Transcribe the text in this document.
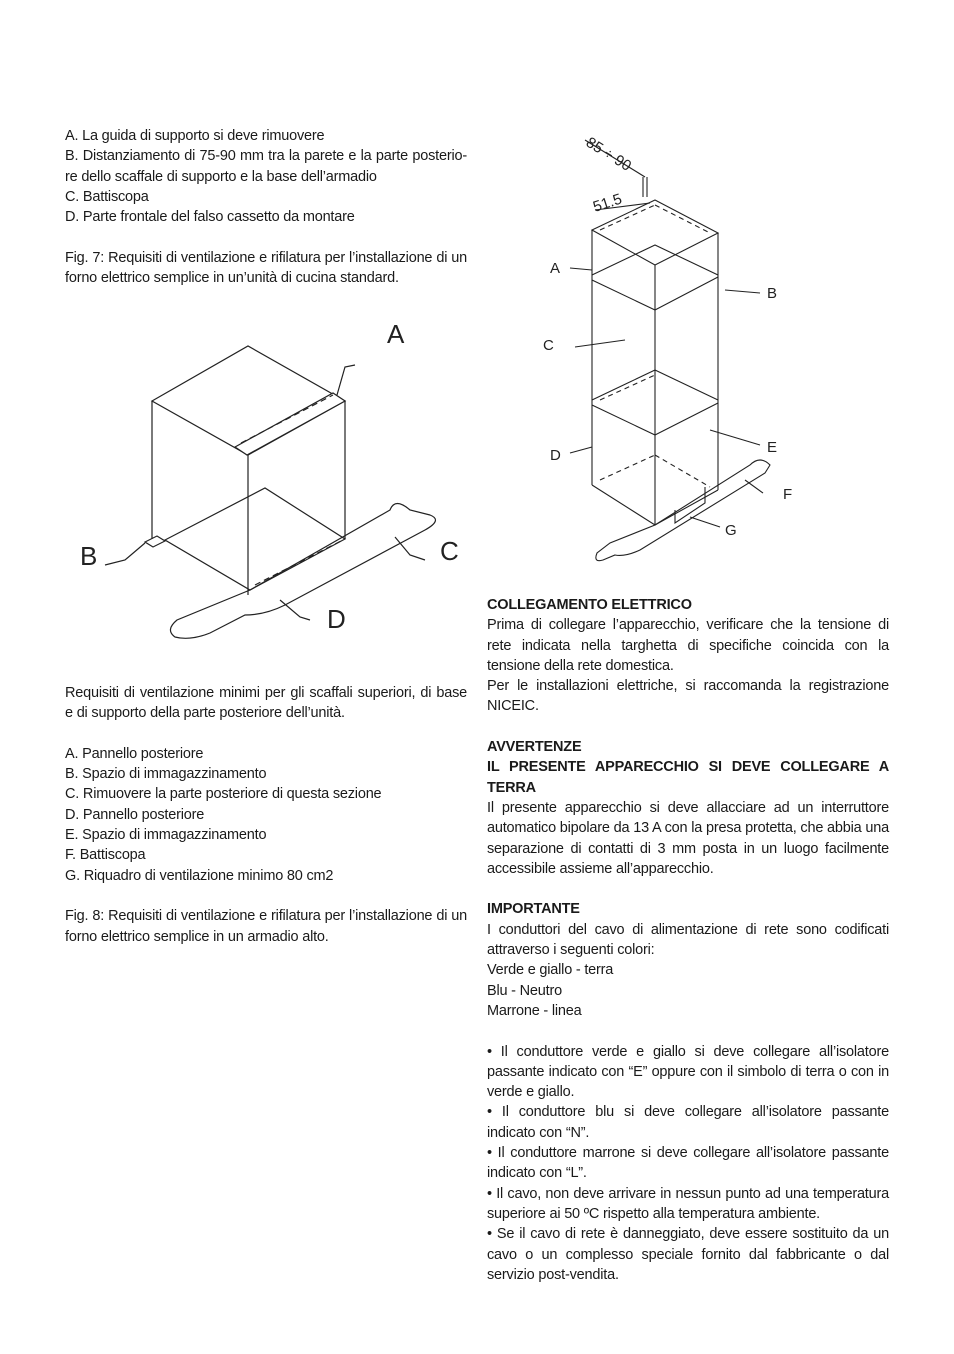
A. La guida di supporto si deve rimuovere

B. Distanziamento di 75-90 mm tra la parete e la parte posterio-re dello scaffale di supporto e la base dell’armadio

C. Battiscopa

D. Parte frontale del falso cassetto da montare

Fig. 7: Requisiti di ventilazione e rifilatura per l’installazione di un forno elettrico semplice in un’unità di cucina standard.

A
B	C
D

Requisiti di ventilazione minimi per gli scaffali superiori, di base e di supporto della parte posteriore dell’unità.

A. Pannello posteriore

B. Spazio di immagazzinamento

C. Rimuovere la parte posteriore di questa sezione

D. Pannello posteriore

E. Spazio di immagazzinamento

F. Battiscopa

G. Riquadro di ventilazione minimo 80 cm2

Fig. 8: Requisiti di ventilazione e rifilatura per l’installazione di un forno elettrico semplice in un armadio alto.

85 ÷ 90
51.5
A
B
C
D	E
F
G

COLLEGAMENTO ELETTRICO

Prima di collegare l’apparecchio, verificare che la tensione di rete indicata nella targhetta di specifiche coincida con la tensione della rete domestica.

Per le installazioni elettriche, si raccomanda la registrazione NICEIC.

AVVERTENZE

IL PRESENTE APPARECCHIO SI DEVE COLLEGARE A TERRA

Il presente apparecchio si deve allacciare ad un interruttore automatico bipolare da 13 A con la presa protetta, che abbia una separazione di contatti di 3 mm posta in un luogo facilmente accessibile assieme all’apparecchio.

IMPORTANTE

I conduttori del cavo di alimentazione di rete sono codificati attraverso i seguenti colori:

Verde e giallo - terra

Blu - Neutro

Marrone - linea

• Il conduttore verde e giallo si deve collegare all’isolatore passante indicato con “E” oppure con il simbolo di terra o con in verde e giallo.

• Il conduttore blu si deve collegare all’isolatore passante indicato con “N”.

• Il conduttore marrone si deve collegare all’isolatore passante indicato con “L”.

• Il cavo, non deve arrivare in nessun punto ad una temperatura superiore ai 50 ºC rispetto alla temperatura ambiente.

• Se il cavo di rete è danneggiato, deve essere sostituito da un cavo o un complesso speciale fornito dal fabbricante o dal servizio post-vendita.
